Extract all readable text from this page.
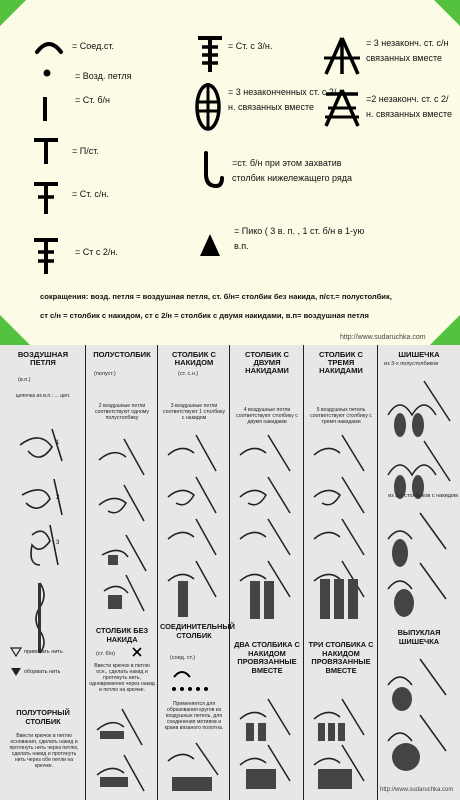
= Соед.ст.
= Возд. петля
= Ст. б/н
= П/ст.
= Ст. с/н.
= Ст с 2/н.
= Ст. с 3/н.
= 3 незаконченных ст. с 2/н. связанных вместе
=ст. б/н при этом захватив столбик нижележащего ряда
= Пико ( 3 в. п. , 1 ст. б/н в 1-ую в.п.
= 3 незаконч. ст. с/н связанных вместе
=2 незаконч. ст. с 2/н. связанных вместе
сокращения: возд. петля = воздушная петля, ст. б/н= столбик без накида, п/ст.= полустолбик,
ст с/н = столбик с накидом, ст с 2/н = столбик с двумя накидами, в.п= воздушная петля
http://www.sudaruchka.com
ВОЗДУШНАЯ ПЕТЛЯ
(в.п.)
цепочка из в.п.: ... цеп.
1
2
3
привязать нить
оборвать нить
ПОЛУТОРНЫЙ СТОЛБИК
Ввести крючок в петлю основания, сделать накид и протянуть нить через петлю, сделать накид и протянуть нить через обе петли на крючке.
ПОЛУСТОЛБИК
(полуст.)
2 воздушные петли соответствуют одному полустолбику
СТОЛБИК БЕЗ НАКИДА
(ст. б/н)
Ввести крючок в петлю осн., сделать накид и протянуть нить, одновременно через накид и петлю на крючке.
СТОЛБИК С НАКИДОМ
(ст. с.н.)
3 воздушные петли соответствуют 1 столбику с накидом
СОЕДИНИТЕЛЬНЫЙ СТОЛБИК
(соед. ст.)
Применяется для образования кругов из воздушных петель, для соединения мотивов и краев вязаного полотна.
СТОЛБИК С ДВУМЯ НАКИДАМИ
4 воздушные петли соответствуют столбику с двумя накидами
ДВА СТОЛБИКА С НАКИДОМ ПРОВЯЗАННЫЕ ВМЕСТЕ
СТОЛБИК С ТРЕМЯ НАКИДАМИ
5 воздушных петель соответствуют столбику с тремя накидами
ТРИ СТОЛБИКА С НАКИДОМ ПРОВЯЗАННЫЕ ВМЕСТЕ
ШИШЕЧКА
из 3-х полустолбиков
из 3-х столбиков с накидом
ВЫПУКЛАЯ ШИШЕЧКА
http://www.sudaruchka.com
